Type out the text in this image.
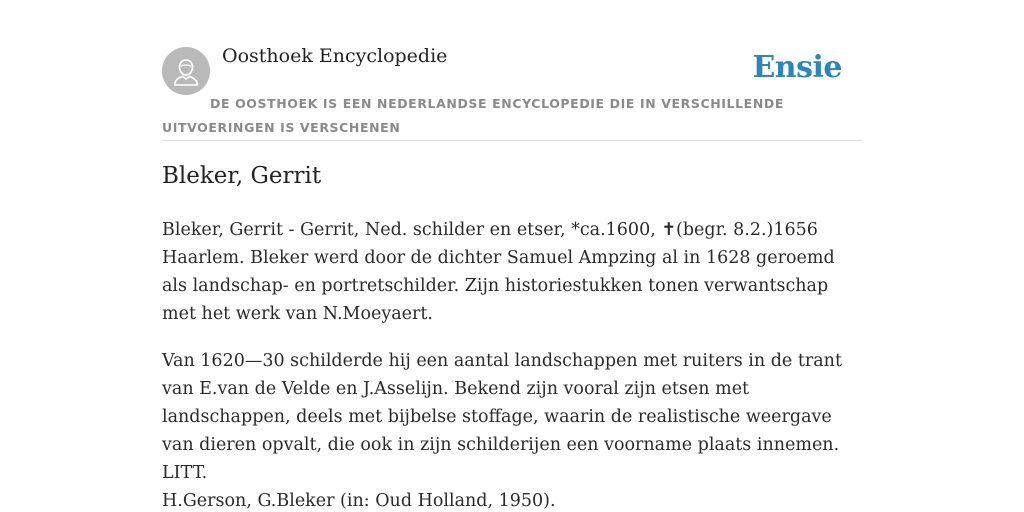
Oosthoek Encyclopedie	Ensie

DE OOSTHOEK IS EEN NEDERLANDSE ENCYCLOPEDIE DIE IN VERSCHILLENDE UITVOERINGEN IS VERSCHENEN

Bleker, Gerrit

Bleker, Gerrit - Gerrit, Ned. schilder en etser, *ca.1600, ✝(begr. 8.2.)1656 Haarlem. Bleker werd door de dichter Samuel Ampzing al in 1628 geroemd als landschap- en portretschilder. Zijn historiestukken tonen verwantschap met het werk van N.Moeyaert.

Van 1620—30 schilderde hij een aantal landschappen met ruiters in de trant van E.van de Velde en J.Asselijn. Bekend zijn vooral zijn etsen met landschappen, deels met bijbelse stoffage, waarin de realistische weergave van dieren opvalt, die ook in zijn schilderijen een voorname plaats innemen. LITT.

H.Gerson, G.Bleker (in: Oud Holland, 1950).
